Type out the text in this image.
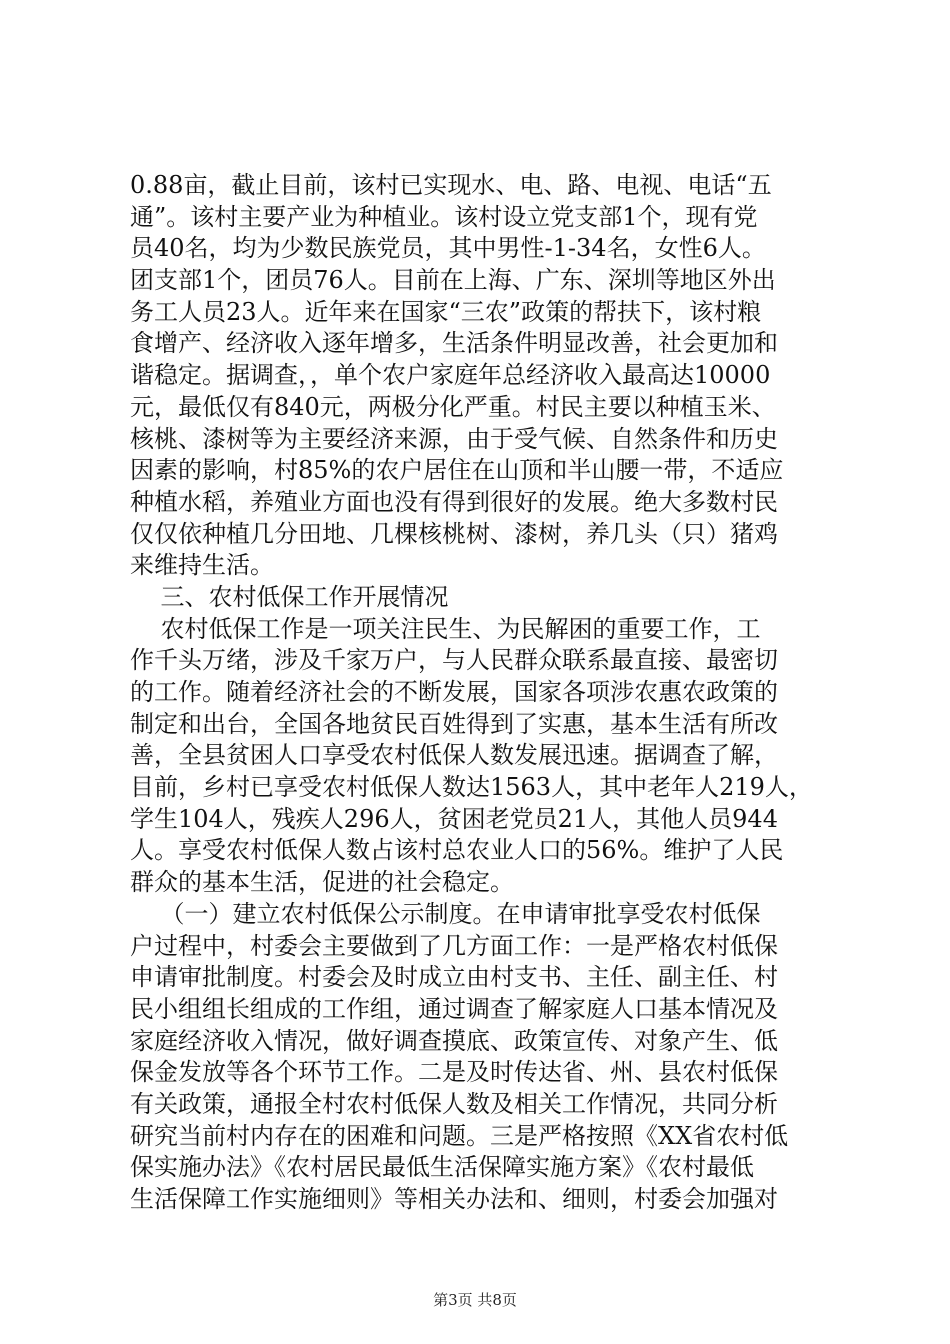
0.88亩，截止目前，该村已实现水、电、路、电视、电话“五
通”。该村主要产业为种植业。该村设立党支部1个，现有党
员40名，均为少数民族党员，其中男性-1-34名，女性6人。
团支部1个，团员76人。目前在上海、广东、深圳等地区外出
务工人员23人。近年来在国家“三农”政策的帮扶下，该村粮
食增产、经济收入逐年增多，生活条件明显改善，社会更加和
谐稳定。据调查，，单个农户家庭年总经济收入最高达10000
元，最低仅有840元，两极分化严重。村民主要以种植玉米、
核桃、漆树等为主要经济来源，由于受气候、自然条件和历史
因素的影响，村85%的农户居住在山顶和半山腰一带，不适应
种植水稻，养殖业方面也没有得到很好的发展。绝大多数村民
仅仅依种植几分田地、几棵核桃树、漆树，养几头（只）猪鸡
来维持生活。
三、农村低保工作开展情况
农村低保工作是一项关注民生、为民解困的重要工作，工
作千头万绪，涉及千家万户，与人民群众联系最直接、最密切
的工作。随着经济社会的不断发展，国家各项涉农惠农政策的
制定和出台，全国各地贫民百姓得到了实惠，基本生活有所改
善，全县贫困人口享受农村低保人数发展迅速。据调查了解，
目前，乡村已享受农村低保人数达1563人，其中老年人219人，
学生104人，残疾人296人，贫困老党员21人，其他人员944
人。享受农村低保人数占该村总农业人口的56%。维护了人民
群众的基本生活，促进的社会稳定。
（一）建立农村低保公示制度。在申请审批享受农村低保
户过程中，村委会主要做到了几方面工作：一是严格农村低保
申请审批制度。村委会及时成立由村支书、主任、副主任、村
民小组组长组成的工作组，通过调查了解家庭人口基本情况及
家庭经济收入情况，做好调查摸底、政策宣传、对象产生、低
保金发放等各个环节工作。二是及时传达省、州、县农村低保
有关政策，通报全村农村低保人数及相关工作情况，共同分析
研究当前村内存在的困难和问题。三是严格按照《XX省农村低
保实施办法》《农村居民最低生活保障实施方案》《农村最低
生活保障工作实施细则》等相关办法和、细则，村委会加强对
第3页 共8页
